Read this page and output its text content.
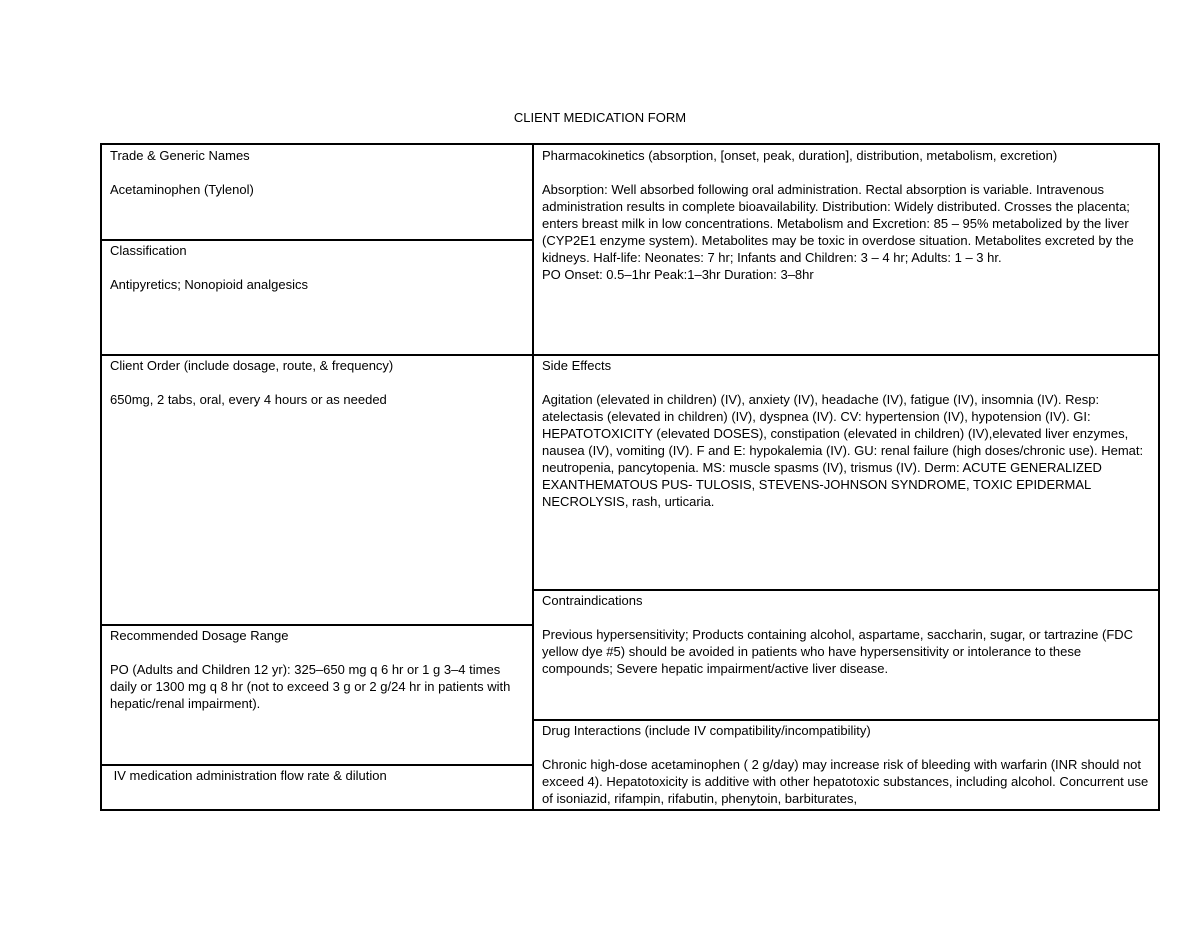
CLIENT MEDICATION FORM
Trade & Generic Names
Acetaminophen (Tylenol)
Classification
Antipyretics; Nonopioid analgesics
Client Order (include dosage, route, & frequency)
650mg, 2 tabs, oral, every 4 hours or as needed
Recommended Dosage Range
PO (Adults and Children 12 yr): 325–650 mg q 6 hr or 1 g 3–4 times daily or 1300 mg q 8 hr (not to exceed 3 g or 2 g/24 hr in patients with hepatic/renal impairment).
IV medication administration flow rate & dilution
Pharmacokinetics (absorption, [onset, peak, duration], distribution, metabolism, excretion)
Absorption: Well absorbed following oral administration. Rectal absorption is variable. Intravenous administration results in complete bioavailability. Distribution: Widely distributed. Crosses the placenta; enters breast milk in low concentrations. Metabolism and Excretion: 85 – 95% metabolized by the liver (CYP2E1 enzyme system). Metabolites may be toxic in overdose situation. Metabolites excreted by the kidneys. Half-life: Neonates: 7 hr; Infants and Children: 3 – 4 hr; Adults: 1 – 3 hr.
PO Onset: 0.5–1hr Peak:1–3hr Duration: 3–8hr
Side Effects
Agitation (elevated in children) (IV), anxiety (IV), headache (IV), fatigue (IV), insomnia (IV). Resp: atelectasis (elevated in children) (IV), dyspnea (IV). CV: hypertension (IV), hypotension (IV). GI: HEPATOTOXICITY (elevated DOSES), constipation (elevated in children) (IV),elevated liver enzymes, nausea (IV), vomiting (IV). F and E: hypokalemia (IV). GU: renal failure (high doses/chronic use). Hemat: neutropenia, pancytopenia. MS: muscle spasms (IV), trismus (IV). Derm: ACUTE GENERALIZED EXANTHEMATOUS PUS- TULOSIS, STEVENS-JOHNSON SYNDROME, TOXIC EPIDERMAL NECROLYSIS, rash, urticaria.
Contraindications
Previous hypersensitivity; Products containing alcohol, aspartame, saccharin, sugar, or tartrazine (FDC yellow dye #5) should be avoided in patients who have hypersensitivity or intolerance to these compounds; Severe hepatic impairment/active liver disease.
Drug Interactions (include IV compatibility/incompatibility)
Chronic high-dose acetaminophen ( 2 g/day) may increase risk of bleeding with warfarin (INR should not exceed 4). Hepatotoxicity is additive with other hepatotoxic substances, including alcohol. Concurrent use of isoniazid, rifampin, rifabutin, phenytoin, barbiturates,
